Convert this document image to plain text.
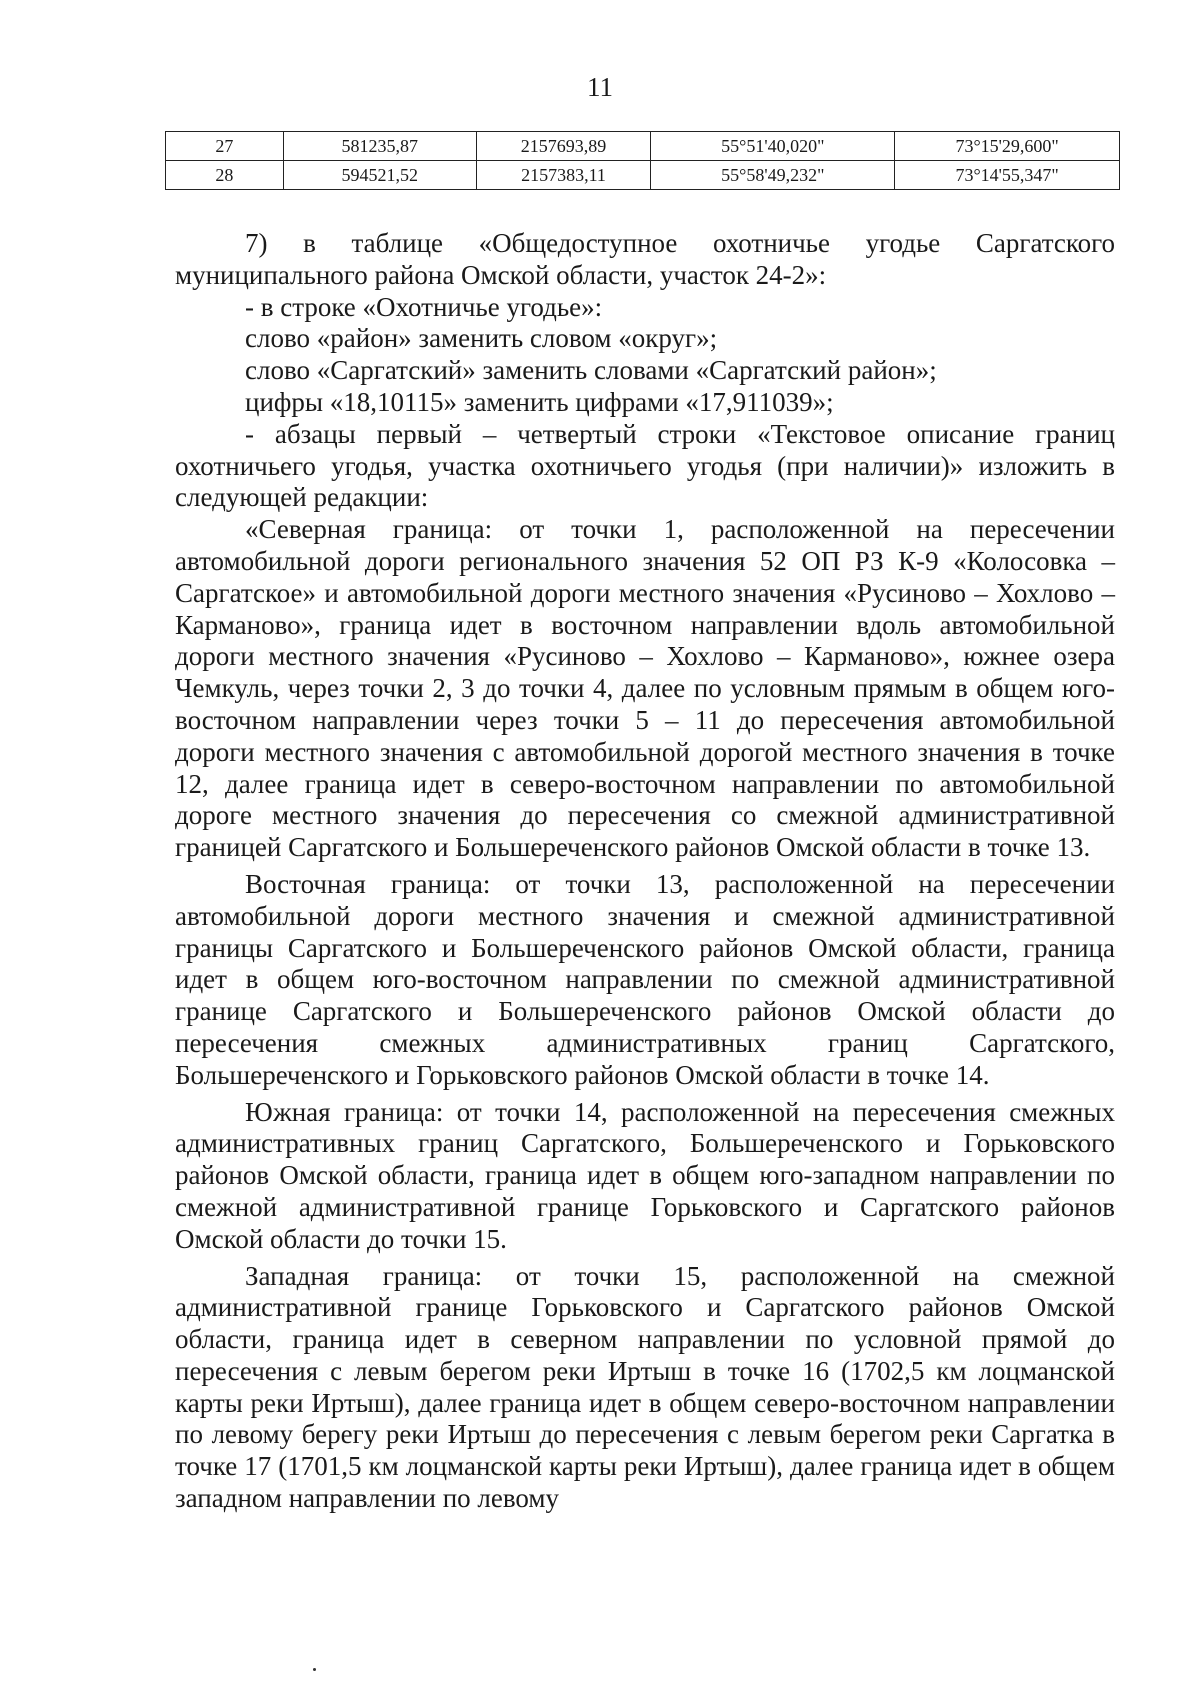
11
27	581235,87	2157693,89	55°51'40,020"	73°15'29,600"
28	594521,52	2157383,11	55°58'49,232"	73°14'55,347"

7) в таблице «Общедоступное охотничье угодье Саргатского муниципального района Омской области, участок 24-2»:

- в строке «Охотничье угодье»:

слово «район» заменить словом «округ»;

слово «Саргатский» заменить словами «Саргатский район»;

цифры «18,10115» заменить цифрами «17,911039»;

- абзацы первый – четвертый строки «Текстовое описание границ охотничьего угодья, участка охотничьего угодья (при наличии)» изложить в следующей редакции:

«Северная граница: от точки 1, расположенной на пересечении автомобильной дороги регионального значения 52 ОП РЗ К-9 «Колосовка – Саргатское» и автомобильной дороги местного значения «Русиново – Хохлово – Карманово», граница идет в восточном направлении вдоль автомобильной дороги местного значения «Русиново – Хохлово – Карманово», южнее озера Чемкуль, через точки 2, 3 до точки 4, далее по условным прямым в общем юго-восточном направлении через точки 5 – 11 до пересечения автомобильной дороги местного значения с автомобильной дорогой местного значения в точке 12, далее граница идет в северо-восточном направлении по автомобильной дороге местного значения до пересечения со смежной административной границей Саргатского и Большереченского районов Омской области в точке 13.

Восточная граница: от точки 13, расположенной на пересечении автомобильной дороги местного значения и смежной административной границы Саргатского и Большереченского районов Омской области, граница идет в общем юго-восточном направлении по смежной административной границе Саргатского и Большереченского районов Омской области до пересечения смежных административных границ Саргатского, Большереченского и Горьковского районов Омской области в точке 14.

Южная граница: от точки 14, расположенной на пересечения смежных административных границ Саргатского, Большереченского и Горьковского районов Омской области, граница идет в общем юго-западном направлении по смежной административной границе Горьковского и Саргатского районов Омской области до точки 15.

Западная граница: от точки 15, расположенной на смежной административной границе Горьковского и Саргатского районов Омской области, граница идет в северном направлении по условной прямой до пересечения с левым берегом реки Иртыш в точке 16 (1702,5 км лоцманской карты реки Иртыш), далее граница идет в общем северо-восточном направлении по левому берегу реки Иртыш до пересечения с левым берегом реки Саргатка в точке 17 (1701,5 км лоцманской карты реки Иртыш), далее граница идет в общем западном направлении по левому
